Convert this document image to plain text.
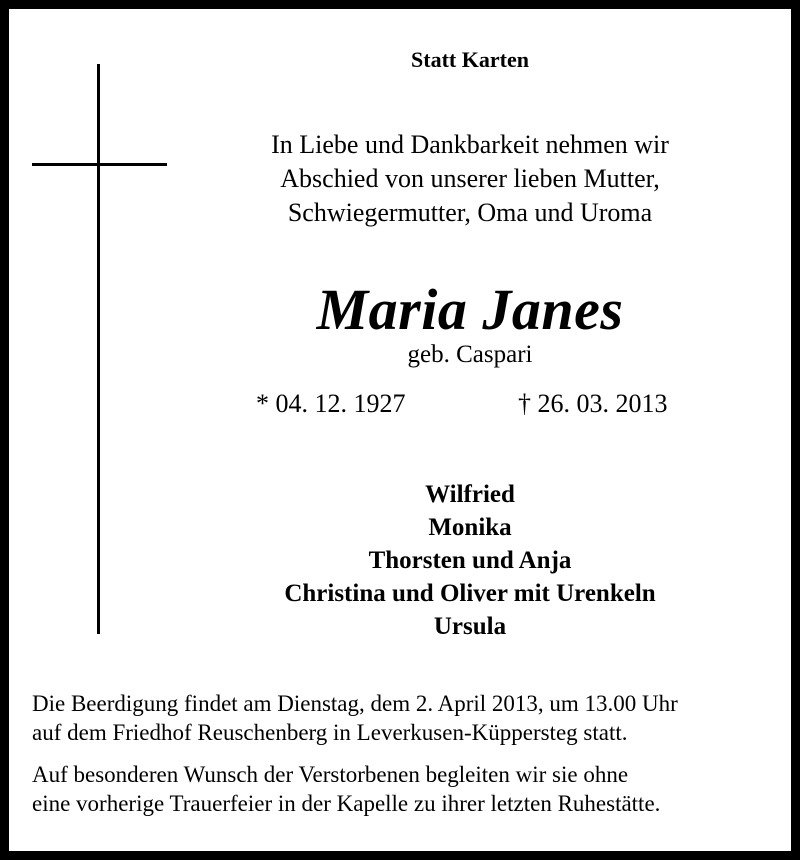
Statt Karten
In Liebe und Dankbarkeit nehmen wir
Abschied von unserer lieben Mutter,
Schwiegermutter, Oma und Uroma
Maria Janes
geb. Caspari
* 04. 12. 1927	† 26. 03. 2013
Wilfried
Monika
Thorsten und Anja
Christina und Oliver mit Urenkeln
Ursula
Die Beerdigung findet am Dienstag, dem 2. April 2013, um 13.00 Uhr
auf dem Friedhof Reuschenberg in Leverkusen-Küppersteg statt.
Auf besonderen Wunsch der Verstorbenen begleiten wir sie ohne
eine vorherige Trauerfeier in der Kapelle zu ihrer letzten Ruhestätte.
